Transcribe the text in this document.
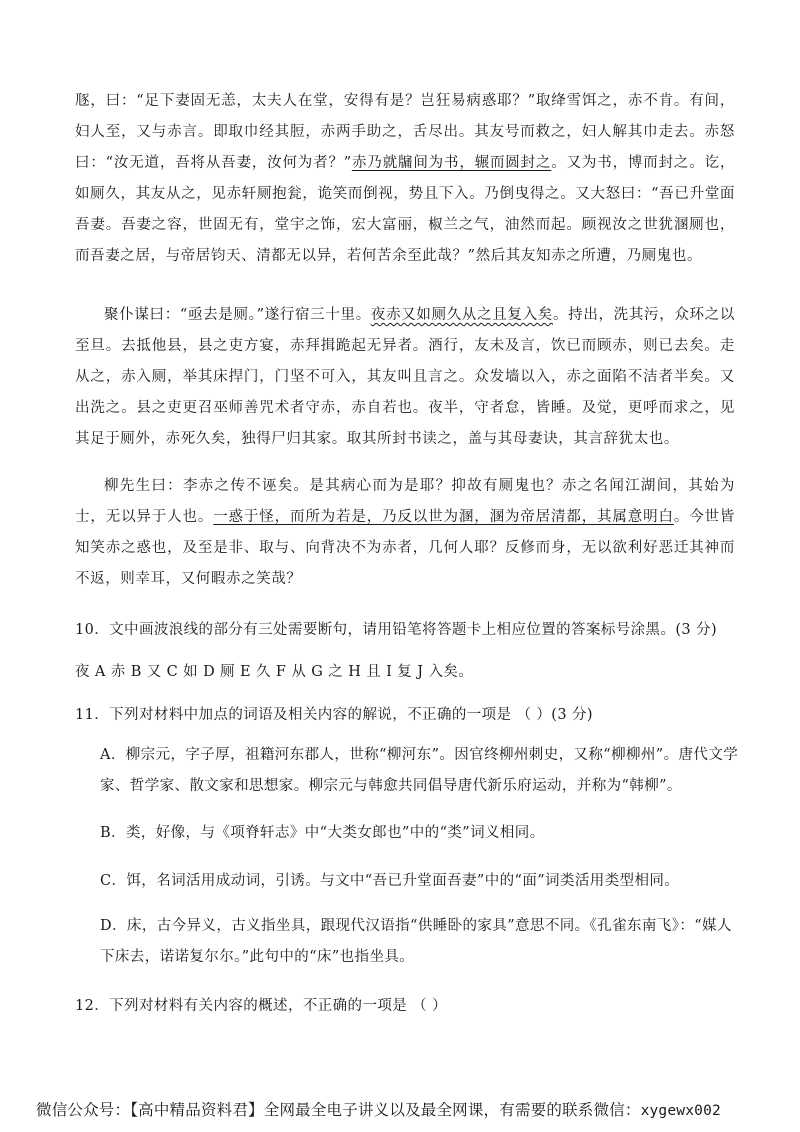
豗，曰：“足下妻固无恙，太夫人在堂，安得有是？岂狂易病惑耶？”取绛雪饵之，赤不肯。有间，妇人至，又与赤言。即取巾经其脰，赤两手助之，舌尽出。其友号而救之，妇人解其巾走去。赤怒曰：“汝无道，吾将从吾妻，汝何为者？”赤乃就牖间为书，辗而圆封之。又为书，博而封之。讫，如厕久，其友从之，见赤轩厕抱瓮，诡笑而倒视，势且下入。乃倒曳得之。又大怒曰：“吾已升堂面吾妻。吾妻之容，世固无有，堂宇之饰，宏大富丽，椒兰之气，油然而起。顾视汝之世犹溷厕也，而吾妻之居，与帝居钧天、清都无以异，若何苦余至此哉？”然后其友知赤之所遭，乃厕鬼也。

聚仆谋曰：“亟去是厕。”遂行宿三十里。夜赤又如厕久从之且复入矣。持出，洗其污，众环之以至旦。去抵他县，县之吏方宴，赤拜揖跪起无异者。酒行，友未及言，饮已而顾赤，则已去矣。走从之，赤入厕，举其床捍门，门坚不可入，其友叫且言之。众发墙以入，赤之面陷不洁者半矣。又出洗之。县之吏更召巫师善咒术者守赤，赤自若也。夜半，守者怠，皆睡。及觉，更呼而求之，见其足于厕外，赤死久矣，独得尸归其家。取其所封书读之，盖与其母妻诀，其言辞犹太也。

柳先生曰：李赤之传不诬矣。是其病心而为是耶？抑故有厕鬼也？赤之名闻江湖间，其始为士，无以异于人也。一惑于怪，而所为若是，乃反以世为溷，溷为帝居清都，其属意明白。今世皆知笑赤之惑也，及至是非、取与、向背决不为赤者，几何人耶？反修而身，无以欲利好恶迁其神而不返，则幸耳，又何暇赤之笑哉？

10．文中画波浪线的部分有三处需要断句，请用铅笔将答题卡上相应位置的答案标号涂黑。(3 分)

夜 A 赤 B 又 C 如 D 厕 E 久 F 从 G 之 H 且 I 复 J 入矣。

11．下列对材料中加点的词语及相关内容的解说，不正确的一项是 （ ）(3 分)

A．柳宗元，字子厚，祖籍河东郡人，世称“柳河东”。因官终柳州刺史，又称“柳柳州”。唐代文学家、哲学家、散文家和思想家。柳宗元与韩愈共同倡导唐代新乐府运动，并称为“韩柳”。

B．类，好像，与《项脊轩志》中“大类女郎也”中的“类”词义相同。

C．饵，名词活用成动词，引诱。与文中“吾已升堂面吾妻”中的“面”词类活用类型相同。

D．床，古今异义，古义指坐具，跟现代汉语指“供睡卧的家具”意思不同。《孔雀东南飞》：“媒人下床去，诺诺复尔尔。”此句中的“床”也指坐具。

12．下列对材料有关内容的概述，不正确的一项是 （ ）

微信公众号：【高中精品资料君】全网最全电子讲义以及最全网课，有需要的联系微信：xygewx002
